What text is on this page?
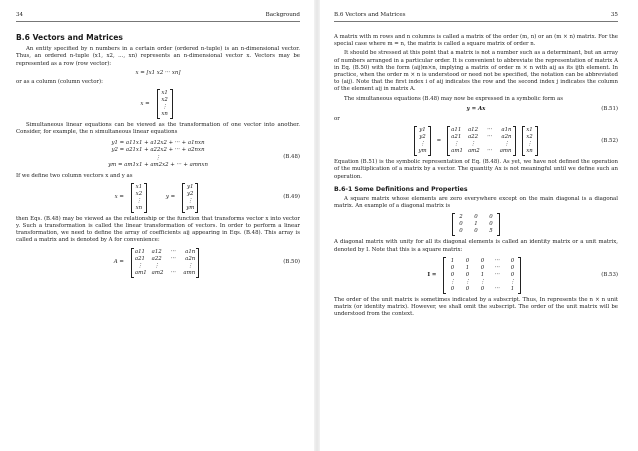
34	Background
B.6 Vectors and Matrices

An entity specified by n numbers in a certain order (ordered n-tuple) is an n-dimensional vector. Thus, an ordered n-tuple (x1, x2, ..., xn) represents an n-dimensional vector x. Vectors may be represented as a row (row vector):

x = [x1 x2 ··· xn]

or as a column (column vector):

x =
x1
x2
⋮
xn

Simultaneous linear equations can be viewed as the transformation of one vector into another. Consider, for example, the n simultaneous linear equations

y1 = a11x1 + a12x2 + ··· + a1nxn
y2 = a21x1 + a22x2 + ··· + a2nxn
⋮
ym = am1x1 + am2x2 + ··· + amnxn
(B.48)

If we define two column vectors x and y as

x =
x1
x2
⋮
xn
y =
y1
y2
⋮
ym
(B.49)

then Eqs. (B.48) may be viewed as the relationship or the function that transforms vector x into vector y. Such a transformation is called the linear transformation of vectors. In order to perform a linear transformation, we need to define the array of coefficients aij appearing in Eqs. (B.48). This array is called a matrix and is denoted by A for convenience:

A =
a11 a12	···	a1n
a21 a22	···	a2n
⋮	⋮	⋮
am1 am2	···	amn
(B.50)
B.6 Vectors and Matrices	35

A matrix with m rows and n columns is called a matrix of the order (m, n) or an (m × n) matrix. For the special case where m = n, the matrix is called a square matrix of order n.

It should be stressed at this point that a matrix is not a number such as a determinant, but an array of numbers arranged in a particular order. It is convenient to abbreviate the representation of matrix A in Eq. (B.50) with the form (aij)m×n, implying a matrix of order m × n with aij as its ijth element. In practice, when the order m × n is understood or need not be specified, the notation can be abbreviated to (aij). Note that the first index i of aij indicates the row and the second index j indicates the column of the element aij in matrix A.

The simultaneous equations (B.48) may now be expressed in a symbolic form as

y = Ax	(B.51)

or

y1
y2
⋮
ym
=
a11 a12	···	a1n
a21 a22	···	a2n
⋮	⋮	⋮
am1 am2	···	amn
x1
x2
⋮
xn
(B.52)

Equation (B.51) is the symbolic representation of Eq. (B.48). As yet, we have not defined the operation of the multiplication of a matrix by a vector. The quantity Ax is not meaningful until we define such an operation.

B.6-1 Some Definitions and Properties

A square matrix whose elements are zero everywhere except on the main diagonal is a diagonal matrix. An example of a diagonal matrix is

2	0	0
0	1	0
0	0	5

A diagonal matrix with unity for all its diagonal elements is called an identity matrix or a unit matrix, denoted by I. Note that this is a square matrix:

I =
1	0	0	···	0
0	1	0	···	0
0	0	1	···	0
⋮	⋮	⋮	⋮
0	0	0	···	1
(B.53)

The order of the unit matrix is sometimes indicated by a subscript. Thus, In represents the n × n unit matrix (or identity matrix). However, we shall omit the subscript. The order of the unit matrix will be understood from the context.
